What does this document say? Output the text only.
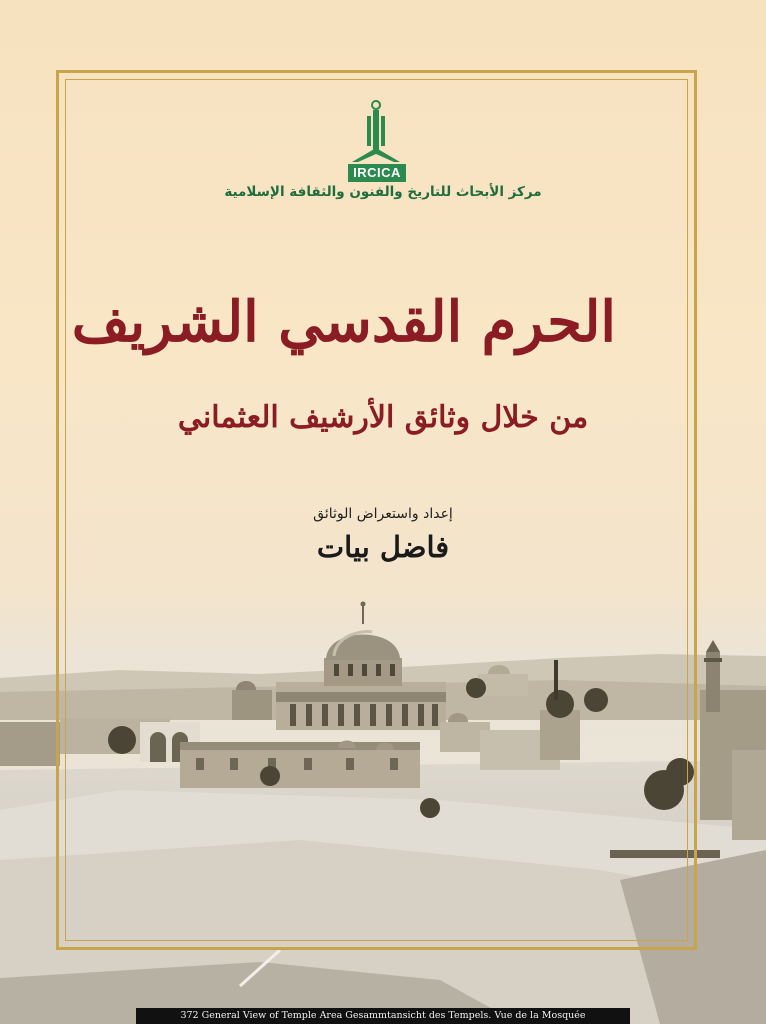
IRCICA
مركز الأبحاث للتاريخ والفنون والثقافة الإسلامية
الحرم القدسي الشريف
من خلال وثائق الأرشيف العثماني
إعداد واستعراض الوثائق
فاضل بيات
372 General View of Temple Area Gesammtansicht des Tempels. Vue de la Mosquée
